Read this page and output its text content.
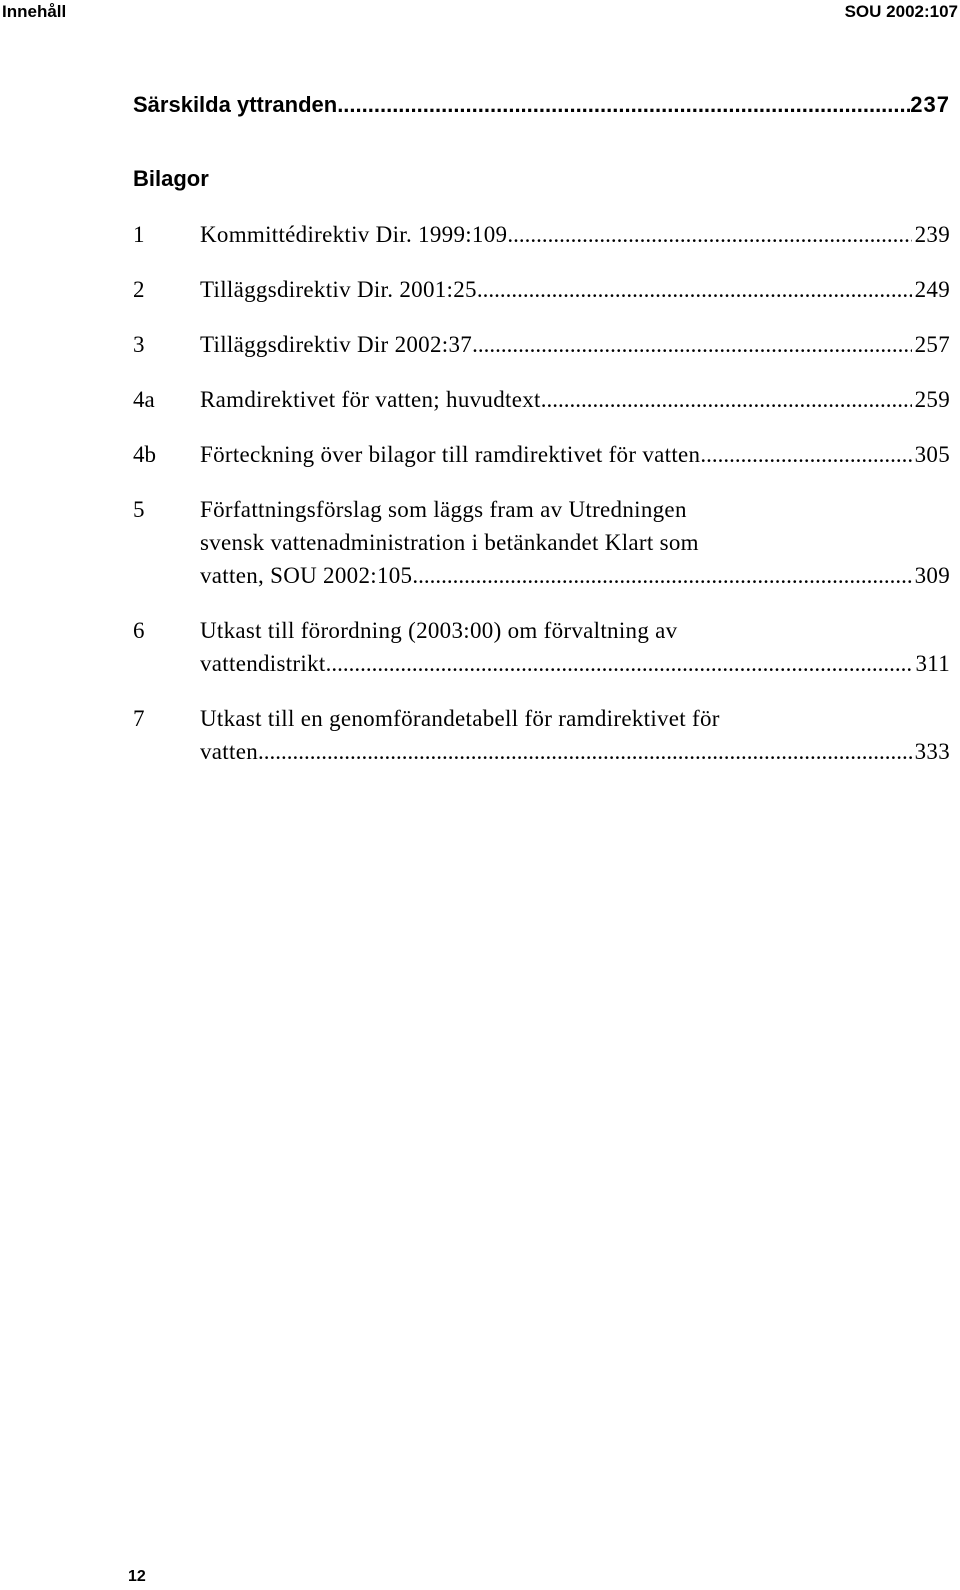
Innehåll	SOU 2002:107
Särskilda yttranden .....	237
Bilagor
1	Kommittédirektiv Dir. 1999:109 .....	239
2	Tilläggsdirektiv Dir. 2001:25 .....	249
3	Tilläggsdirektiv Dir 2002:37 .....	257
4a	Ramdirektivet för vatten; huvudtext .....	259
4b	Förteckning över bilagor till ramdirektivet för vatten .....	305
5	Författningsförslag som läggs fram av Utredningen
svensk vattenadministration i betänkandet Klart som
vatten, SOU 2002:105 .....	309
6	Utkast till förordning (2003:00) om förvaltning av
vattendistrikt .....	311
7	Utkast till en genomförandetabell för ramdirektivet för
vatten .....	333
12
